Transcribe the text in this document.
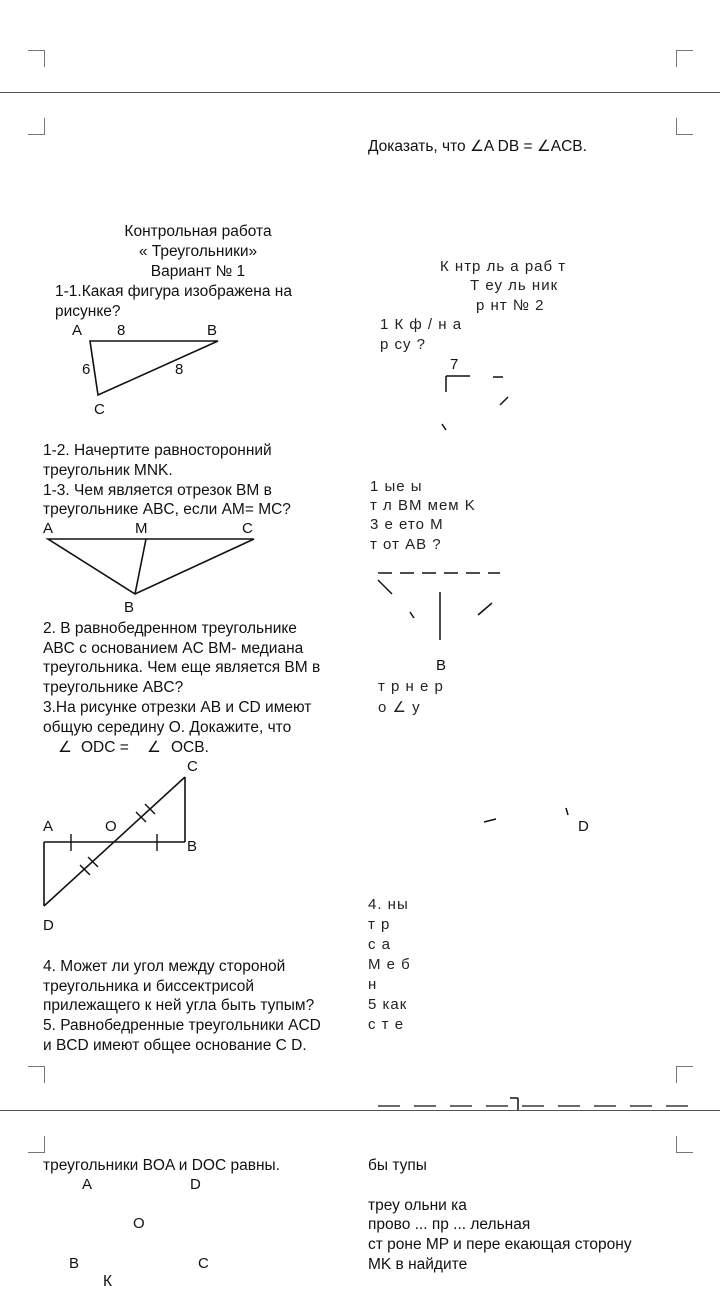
Контрольная работа
« Треугольники»
Вариант № 1
1-1.Какая фигура изображена на
рисунке?
A 8	B
6	8
C
1-2. Начертите равносторонний
треугольник MNK.
1-3. Чем является отрезок BM в
треугольнике ABC, если AM= MC?
A	M	C
B
2. В равнобедренном треугольнике
ABC с основанием AC BM- медиана
треугольника. Чем еще является BM в
треугольнике ABC?
3.На рисунке отрезки AB и CD имеют
общую середину O. Докажите, что
∠ ODC = ∠ OCB.
C
A	O
B
D
4. Может ли угол между стороной
треугольника и биссектрисой
прилежащего к ней угла быть тупым?
5. Равнобедренные треугольники ACD
и BCD имеют общее основание C D.
Доказать, что ∠A DB = ∠ACB.
К нтр ль а раб т
Т еу ль ник
р нт № 2
1 К ф / н а
р су ?
7
1 ые ы
т л BM мем K
3 е ето M
т от АВ ?
B
т р н е р
о ∠ у
D
4. ны
т р
с а
M е б
н
5 как
с т е
бы тупы
треу ольни ка
прово ... пр ... лельная
ст роне MP и пере екающая сторону
MK в найдите
треугольники BOA и DOC равны.
A	D
O
B	C
К
